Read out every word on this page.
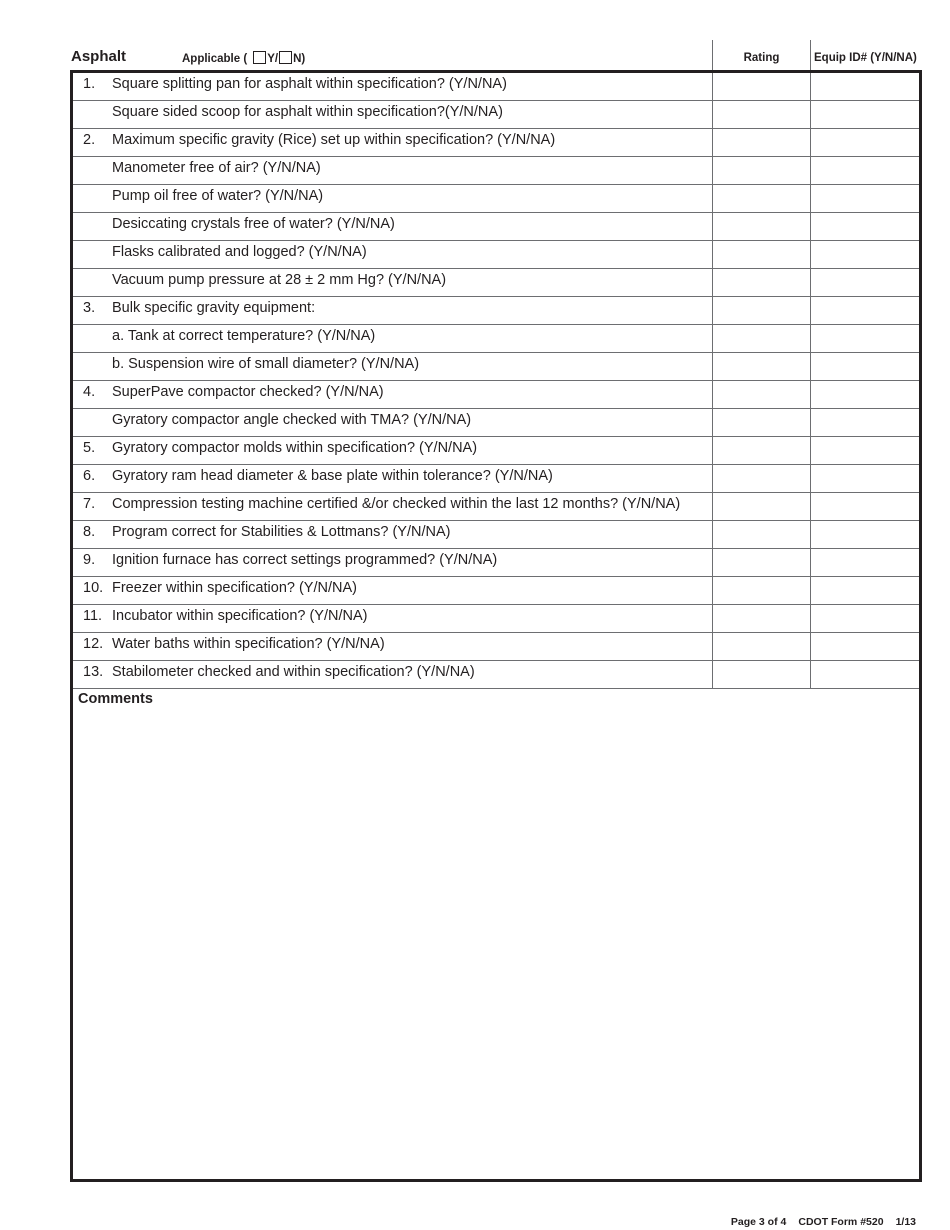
Asphalt	Applicable ( Y/ N)	Rating	Equip ID# (Y/N/NA)
1. Square splitting pan for asphalt within specification? (Y/N/NA)
Square sided scoop for asphalt within specification?(Y/N/NA)
2. Maximum specific gravity (Rice) set up within specification? (Y/N/NA)
Manometer free of air? (Y/N/NA)
Pump oil free of water? (Y/N/NA)
Desiccating crystals free of water? (Y/N/NA)
Flasks calibrated and logged? (Y/N/NA)
Vacuum pump pressure at 28 ± 2 mm Hg? (Y/N/NA)
3. Bulk specific gravity equipment:
a. Tank at correct temperature? (Y/N/NA)
b. Suspension wire of small diameter? (Y/N/NA)
4. SuperPave compactor checked? (Y/N/NA)
Gyratory compactor angle checked with TMA? (Y/N/NA)
5. Gyratory compactor molds within specification? (Y/N/NA)
6. Gyratory ram head diameter & base plate within tolerance? (Y/N/NA)
7. Compression testing machine certified &/or checked within the last 12 months? (Y/N/NA)
8. Program correct for Stabilities & Lottmans? (Y/N/NA)
9. Ignition furnace has correct settings programmed? (Y/N/NA)
10. Freezer within specification? (Y/N/NA)
11. Incubator within specification? (Y/N/NA)
12. Water baths within specification? (Y/N/NA)
13. Stabilometer checked and within specification? (Y/N/NA)
Comments
Page 3 of 4 CDOT Form #520 1/13
